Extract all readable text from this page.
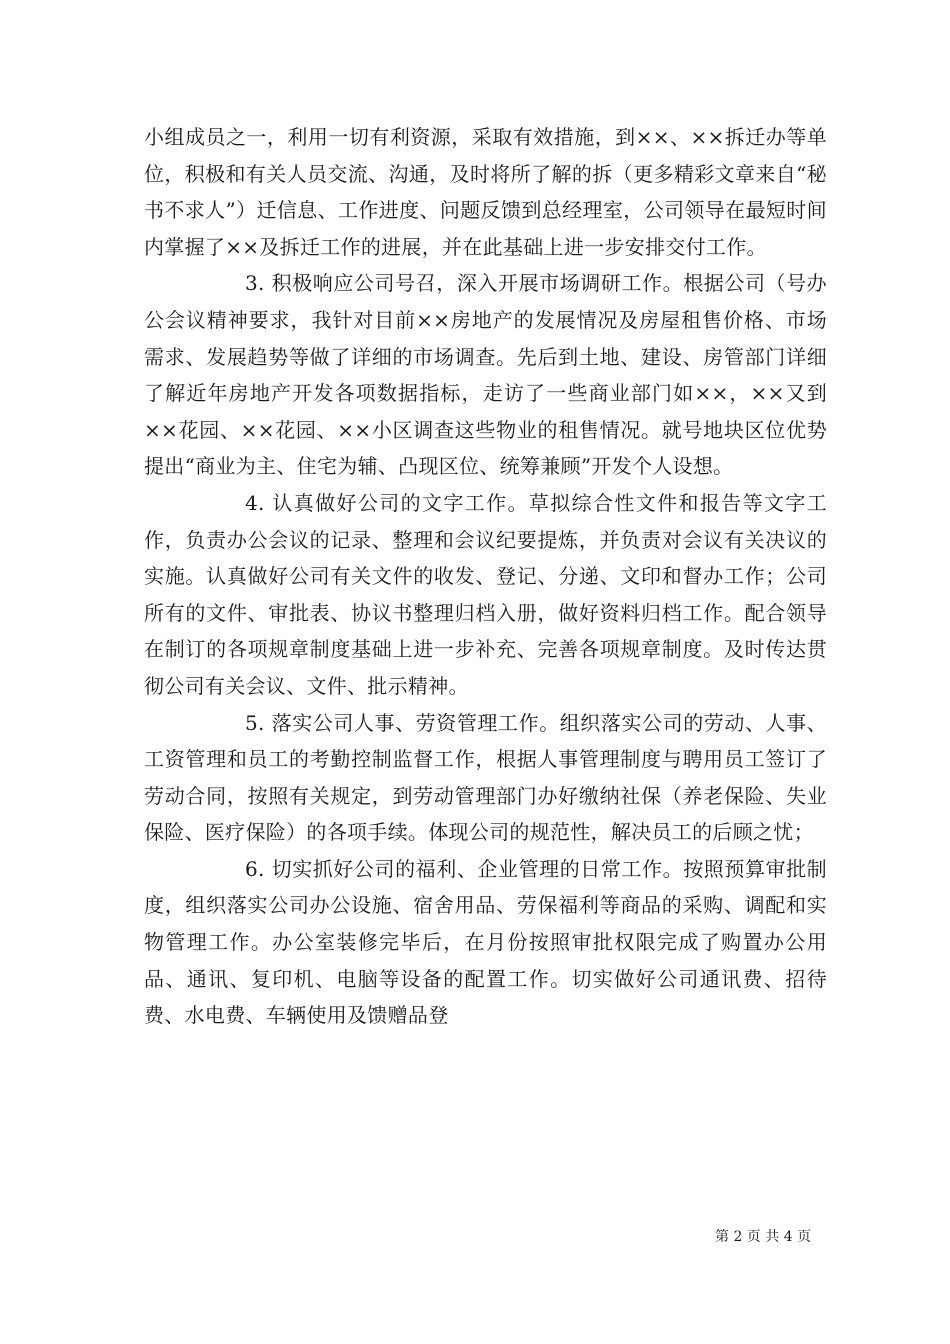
小组成员之一，利用一切有利资源，采取有效措施，到××、××拆迁办等单位，积极和有关人员交流、沟通，及时将所了解的拆（更多精彩文章来自“秘书不求人”）迁信息、工作进度、问题反馈到总经理室，公司领导在最短时间内掌握了××及拆迁工作的进展，并在此基础上进一步安排交付工作。

3. 积极响应公司号召，深入开展市场调研工作。根据公司（号办公会议精神要求，我针对目前××房地产的发展情况及房屋租售价格、市场需求、发展趋势等做了详细的市场调查。先后到土地、建设、房管部门详细了解近年房地产开发各项数据指标，走访了一些商业部门如××，××又到××花园、××花园、××小区调查这些物业的租售情况。就号地块区位优势提出“商业为主、住宅为辅、凸现区位、统筹兼顾”开发个人设想。

4. 认真做好公司的文字工作。草拟综合性文件和报告等文字工作，负责办公会议的记录、整理和会议纪要提炼，并负责对会议有关决议的实施。认真做好公司有关文件的收发、登记、分递、文印和督办工作；公司所有的文件、审批表、协议书整理归档入册，做好资料归档工作。配合领导在制订的各项规章制度基础上进一步补充、完善各项规章制度。及时传达贯彻公司有关会议、文件、批示精神。

5. 落实公司人事、劳资管理工作。组织落实公司的劳动、人事、工资管理和员工的考勤控制监督工作，根据人事管理制度与聘用员工签订了劳动合同，按照有关规定，到劳动管理部门办好缴纳社保（养老保险、失业保险、医疗保险）的各项手续。体现公司的规范性，解决员工的后顾之忧；

6. 切实抓好公司的福利、企业管理的日常工作。按照预算审批制度，组织落实公司办公设施、宿舍用品、劳保福利等商品的采购、调配和实物管理工作。办公室装修完毕后，在月份按照审批权限完成了购置办公用品、通讯、复印机、电脑等设备的配置工作。切实做好公司通讯费、招待费、水电费、车辆使用及馈赠品登

第 2 页 共 4 页
